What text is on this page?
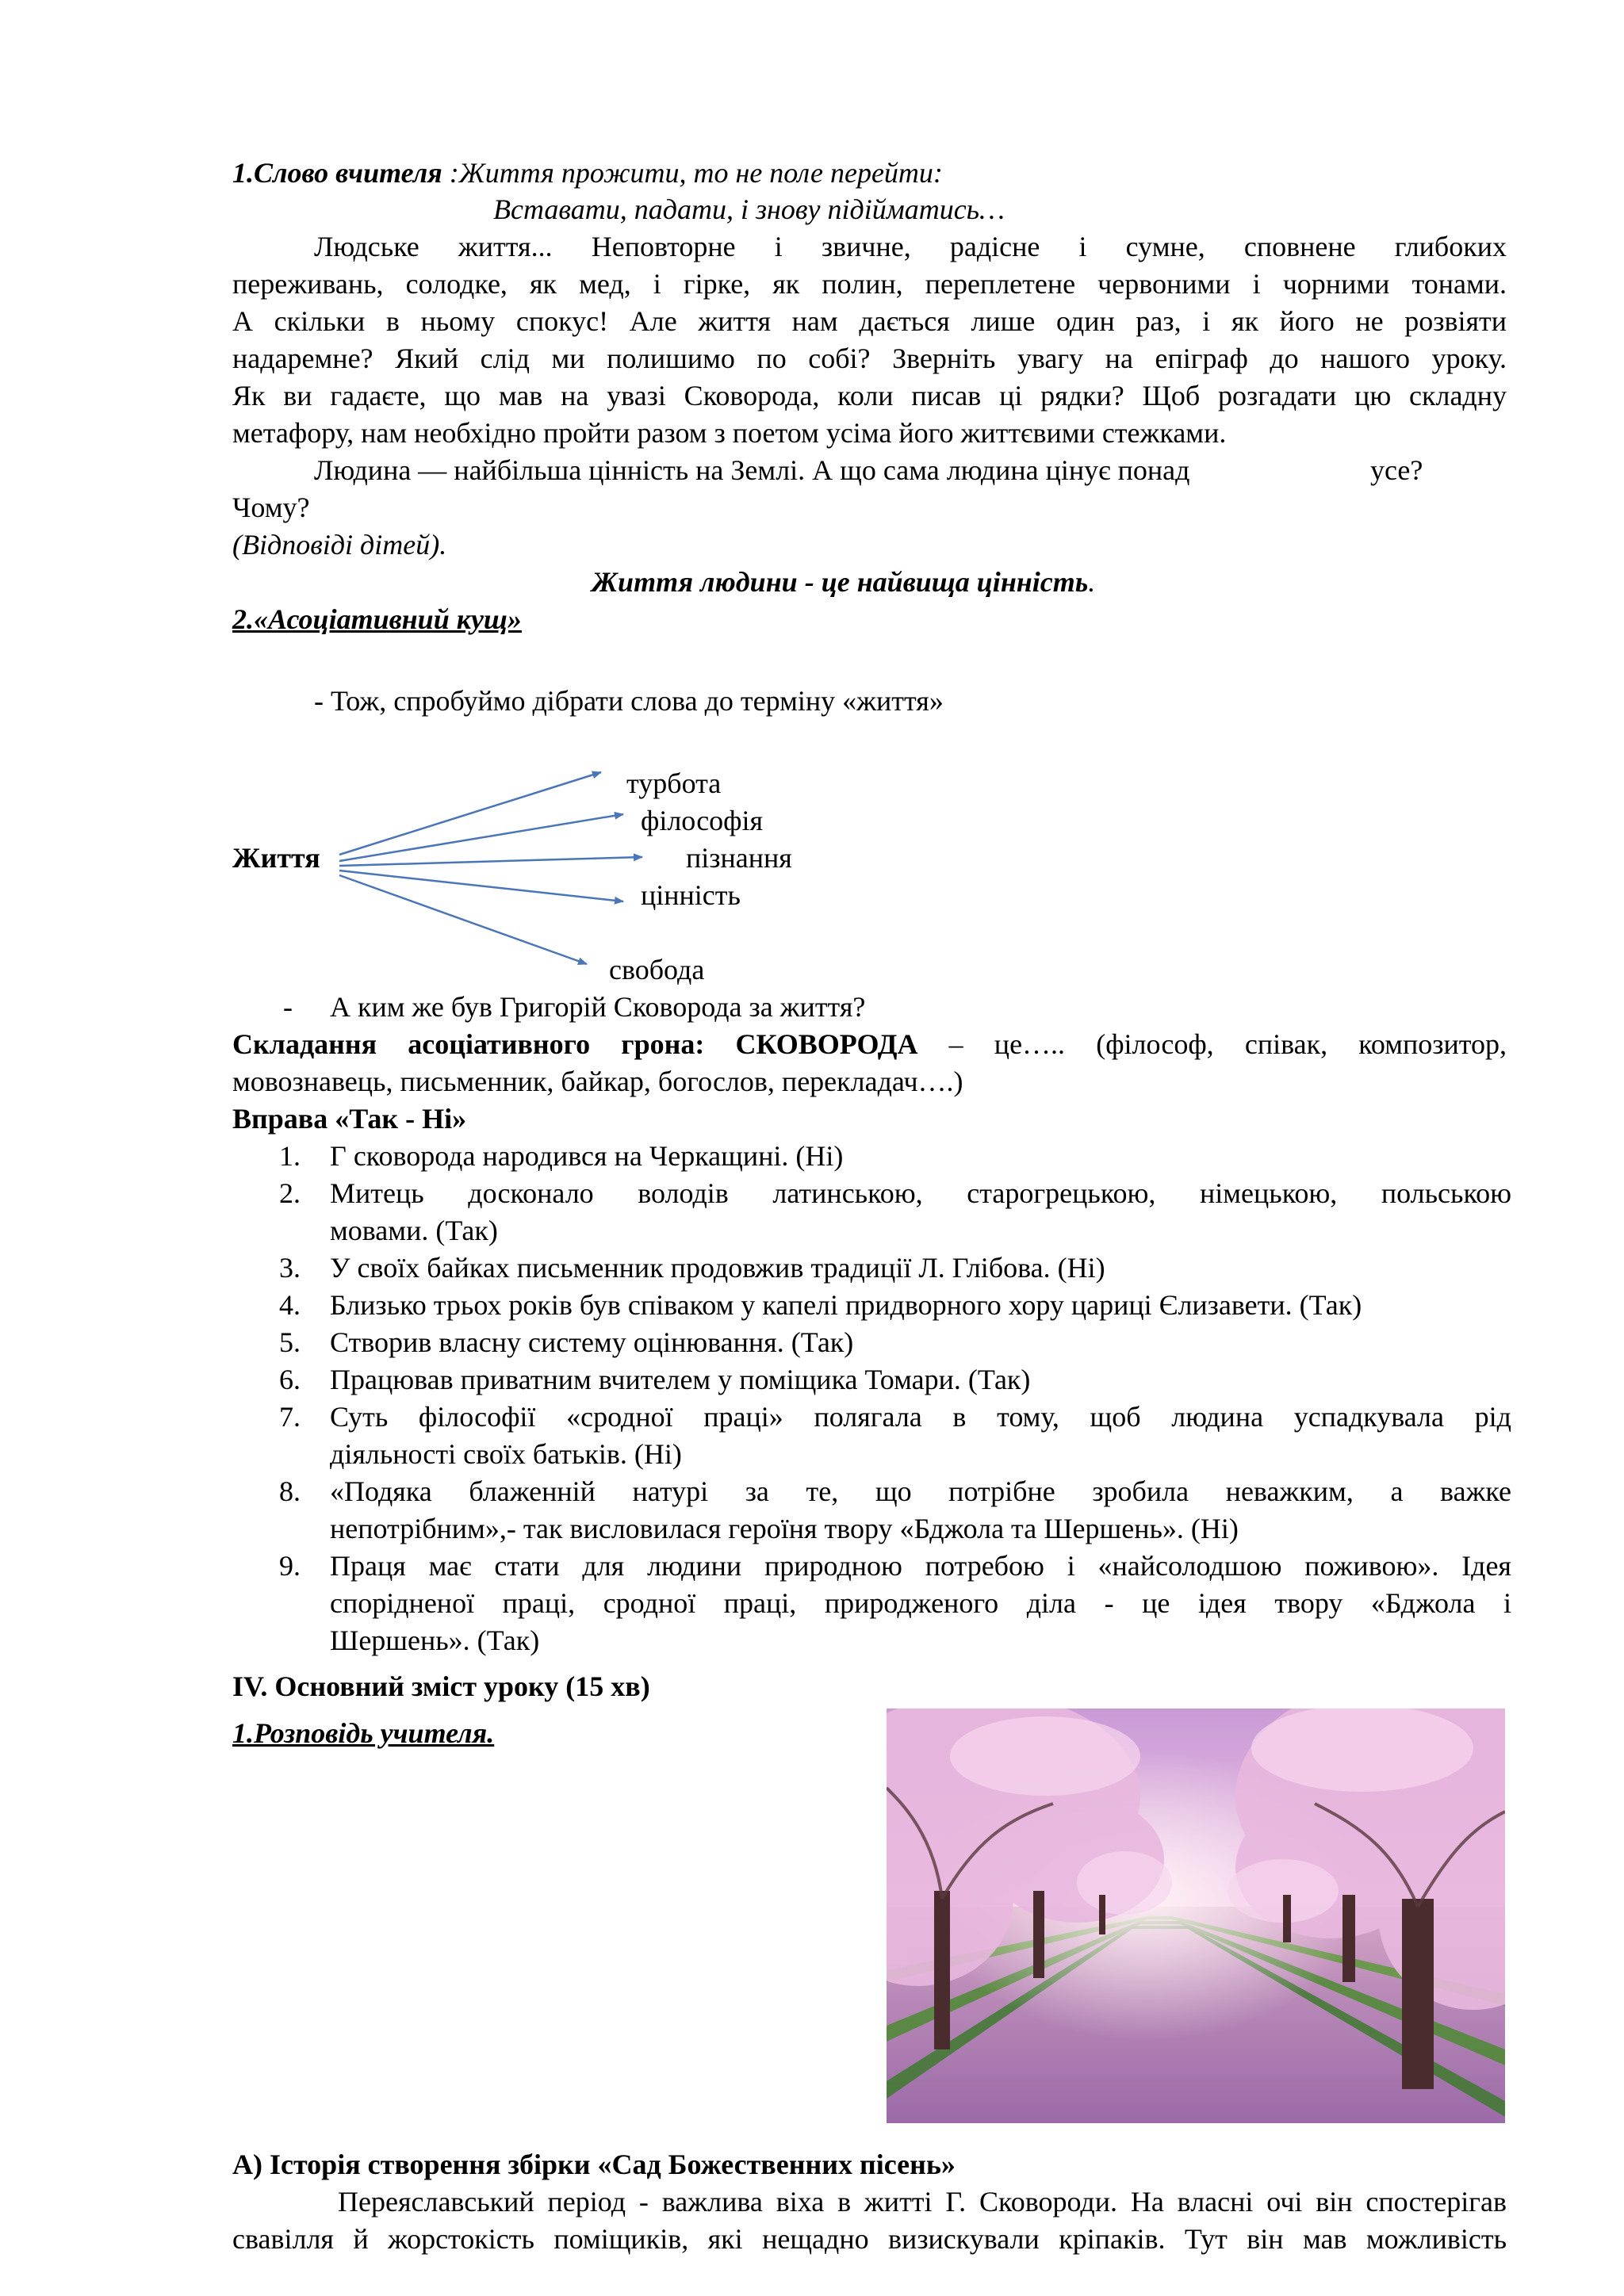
1.Слово вчителя :Життя прожити, то не поле перейти:
Вставати, падати, і знову підійматись…
Людське життя... Неповторне і звичне, радісне і сумне, сповнене глибоких
переживань, солодке, як мед, і гірке, як полин, переплетене червоними і чорними тонами.
А скільки в ньому спокус! Але життя нам дається лише один раз, і як його не розвіяти
надаремне? Який слід ми полишимо по собі? Зверніть увагу на епіграф до нашого уроку.
Як ви гадаєте, що мав на увазі Сковорода, коли писав ці рядки? Щоб розгадати цю складну
метафору, нам необхідно пройти разом з поетом усіма його життєвими стежками.
Людина — найбільша цінність на Землі. А що сама людина цінує понад	усе?
Чому?
(Відповіді дітей).
Життя людини - це найвища цінність.
2.«Асоціативний кущ»
- Тож, спробуймо дібрати слова до терміну «життя»
Життя
турбота
філософія
пізнання
цінність
свобода
- А ким же був Григорій Сковорода за життя?
Складання асоціативного грона: СКОВОРОДА – це….. (філософ, співак, композитор,
мовознавець, письменник, байкар, богослов, перекладач….)
Вправа «Так - Ні»
1. Г сковорода народився на Черкащині. (Ні)
2. Митець досконало володів латинською, старогрецькою, німецькою, польською
мовами. (Так)
3. У своїх байках письменник продовжив традиції Л. Глібова. (Ні)
4. Близько трьох років був співаком у капелі придворного хору цариці Єлизавети. (Так)
5. Створив власну систему оцінювання. (Так)
6. Працював приватним вчителем у поміщика Томари. (Так)
7. Суть філософії «сродної праці» полягала в тому, щоб людина успадкувала рід
діяльності своїх батьків. (Ні)
8. «Подяка блаженній натурі за те, що потрібне зробила неважким, а важке
непотрібним»,- так висловилася героїня твору «Бджола та Шершень». (Ні)
9. Праця має стати для людини природною потребою і «найсолодшою поживою». Ідея
спорідненої праці, сродної праці, природженого діла - це ідея твору «Бджола і
Шершень». (Так)
IV. Основний зміст уроку (15 хв)
1.Розповідь учителя.
А) Історія створення збірки «Сад Божественних пісень»
Переяславський період - важлива віха в житті Г. Сковороди. На власні очі він спостерігав
свавілля й жорстокість поміщиків, які нещадно визискували кріпаків. Тут він мав можливість
